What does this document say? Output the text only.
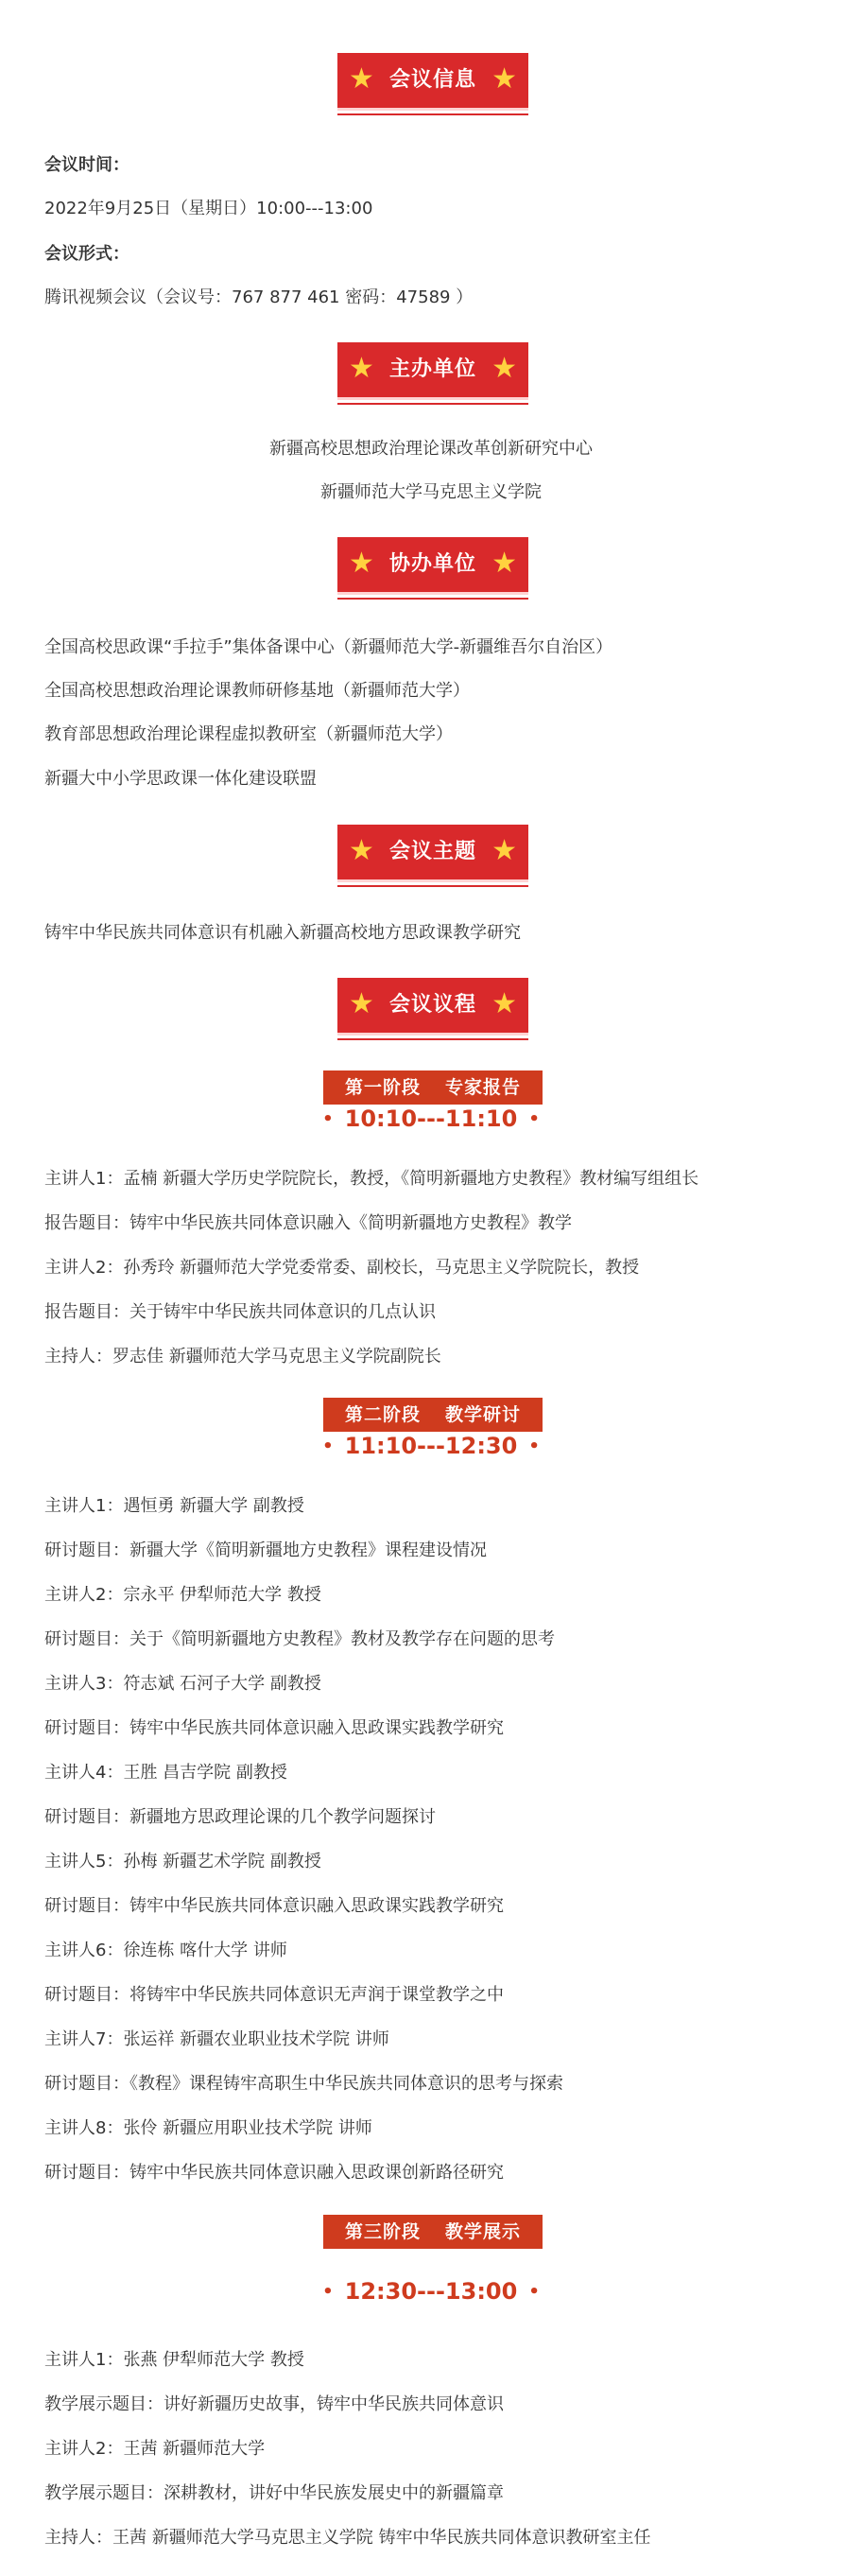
★ 会议信息 ★
会议时间：
2022年9月25日（星期日）10:00---13:00
会议形式：
腾讯视频会议（会议号：767 877 461 密码：47589 ）
★ 主办单位 ★
新疆高校思想政治理论课改革创新研究中心
新疆师范大学马克思主义学院
★ 协办单位 ★
全国高校思政课“手拉手”集体备课中心（新疆师范大学-新疆维吾尔自治区）
全国高校思想政治理论课教师研修基地（新疆师范大学）
教育部思想政治理论课程虚拟教研室（新疆师范大学）
新疆大中小学思政课一体化建设联盟
★ 会议主题 ★
铸牢中华民族共同体意识有机融入新疆高校地方思政课教学研究
★ 会议议程 ★
第一阶段 专家报告
• 10:10---11:10 •
主讲人1：孟楠 新疆大学历史学院院长，教授，《简明新疆地方史教程》教材编写组组长
报告题目：铸牢中华民族共同体意识融入《简明新疆地方史教程》教学
主讲人2：孙秀玲 新疆师范大学党委常委、副校长，马克思主义学院院长，教授
报告题目：关于铸牢中华民族共同体意识的几点认识
主持人：罗志佳 新疆师范大学马克思主义学院副院长
第二阶段 教学研讨
• 11:10---12:30 •
主讲人1：遇恒勇 新疆大学 副教授
研讨题目：新疆大学《简明新疆地方史教程》课程建设情况
主讲人2：宗永平 伊犁师范大学 教授
研讨题目：关于《简明新疆地方史教程》教材及教学存在问题的思考
主讲人3：符志斌 石河子大学 副教授
研讨题目：铸牢中华民族共同体意识融入思政课实践教学研究
主讲人4：王胜 昌吉学院 副教授
研讨题目：新疆地方思政理论课的几个教学问题探讨
主讲人5：孙梅 新疆艺术学院 副教授
研讨题目：铸牢中华民族共同体意识融入思政课实践教学研究
主讲人6：徐连栋 喀什大学 讲师
研讨题目：将铸牢中华民族共同体意识无声润于课堂教学之中
主讲人7：张运祥 新疆农业职业技术学院 讲师
研讨题目：《教程》课程铸牢高职生中华民族共同体意识的思考与探索
主讲人8：张伶 新疆应用职业技术学院 讲师
研讨题目：铸牢中华民族共同体意识融入思政课创新路径研究
第三阶段 教学展示
• 12:30---13:00 •
主讲人1：张燕 伊犁师范大学 教授
教学展示题目：讲好新疆历史故事，铸牢中华民族共同体意识
主讲人2：王茜 新疆师范大学
教学展示题目：深耕教材，讲好中华民族发展史中的新疆篇章
主持人：王茜 新疆师范大学马克思主义学院 铸牢中华民族共同体意识教研室主任
